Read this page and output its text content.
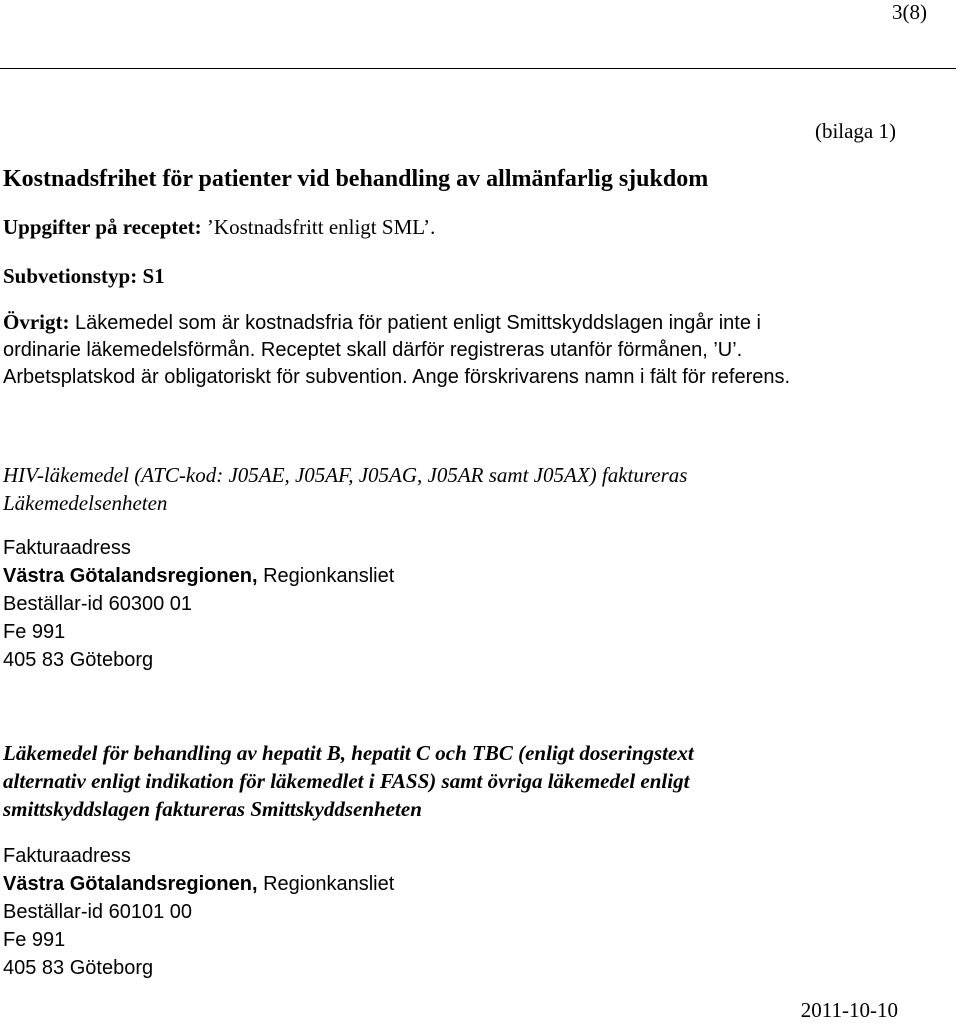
3(8)

(bilaga 1)

Kostnadsfrihet för patienter vid behandling av allmänfarlig sjukdom

Uppgifter på receptet: ’Kostnadsfritt enligt SML’.

Subvetionstyp: S1

Övrigt: Läkemedel som är kostnadsfria för patient enligt Smittskyddslagen ingår inte i
ordinarie läkemedelsförmån. Receptet skall därför registreras utanför förmånen, ’U’.
Arbetsplatskod är obligatoriskt för subvention. Ange förskrivarens namn i fält för referens.
HIV-läkemedel (ATC-kod: J05AE, J05AF, J05AG, J05AR samt J05AX) faktureras
Läkemedelsenheten
Fakturaadress
Västra Götalandsregionen, Regionkansliet
Beställar-id 60300 01
Fe 991
405 83 Göteborg
Läkemedel för behandling av hepatit B, hepatit C och TBC (enligt doseringstext
alternativ enligt indikation för läkemedlet i FASS) samt övriga läkemedel enligt
smittskyddslagen faktureras Smittskyddsenheten
Fakturaadress
Västra Götalandsregionen, Regionkansliet
Beställar-id 60101 00
Fe 991
405 83 Göteborg

2011-10-10
